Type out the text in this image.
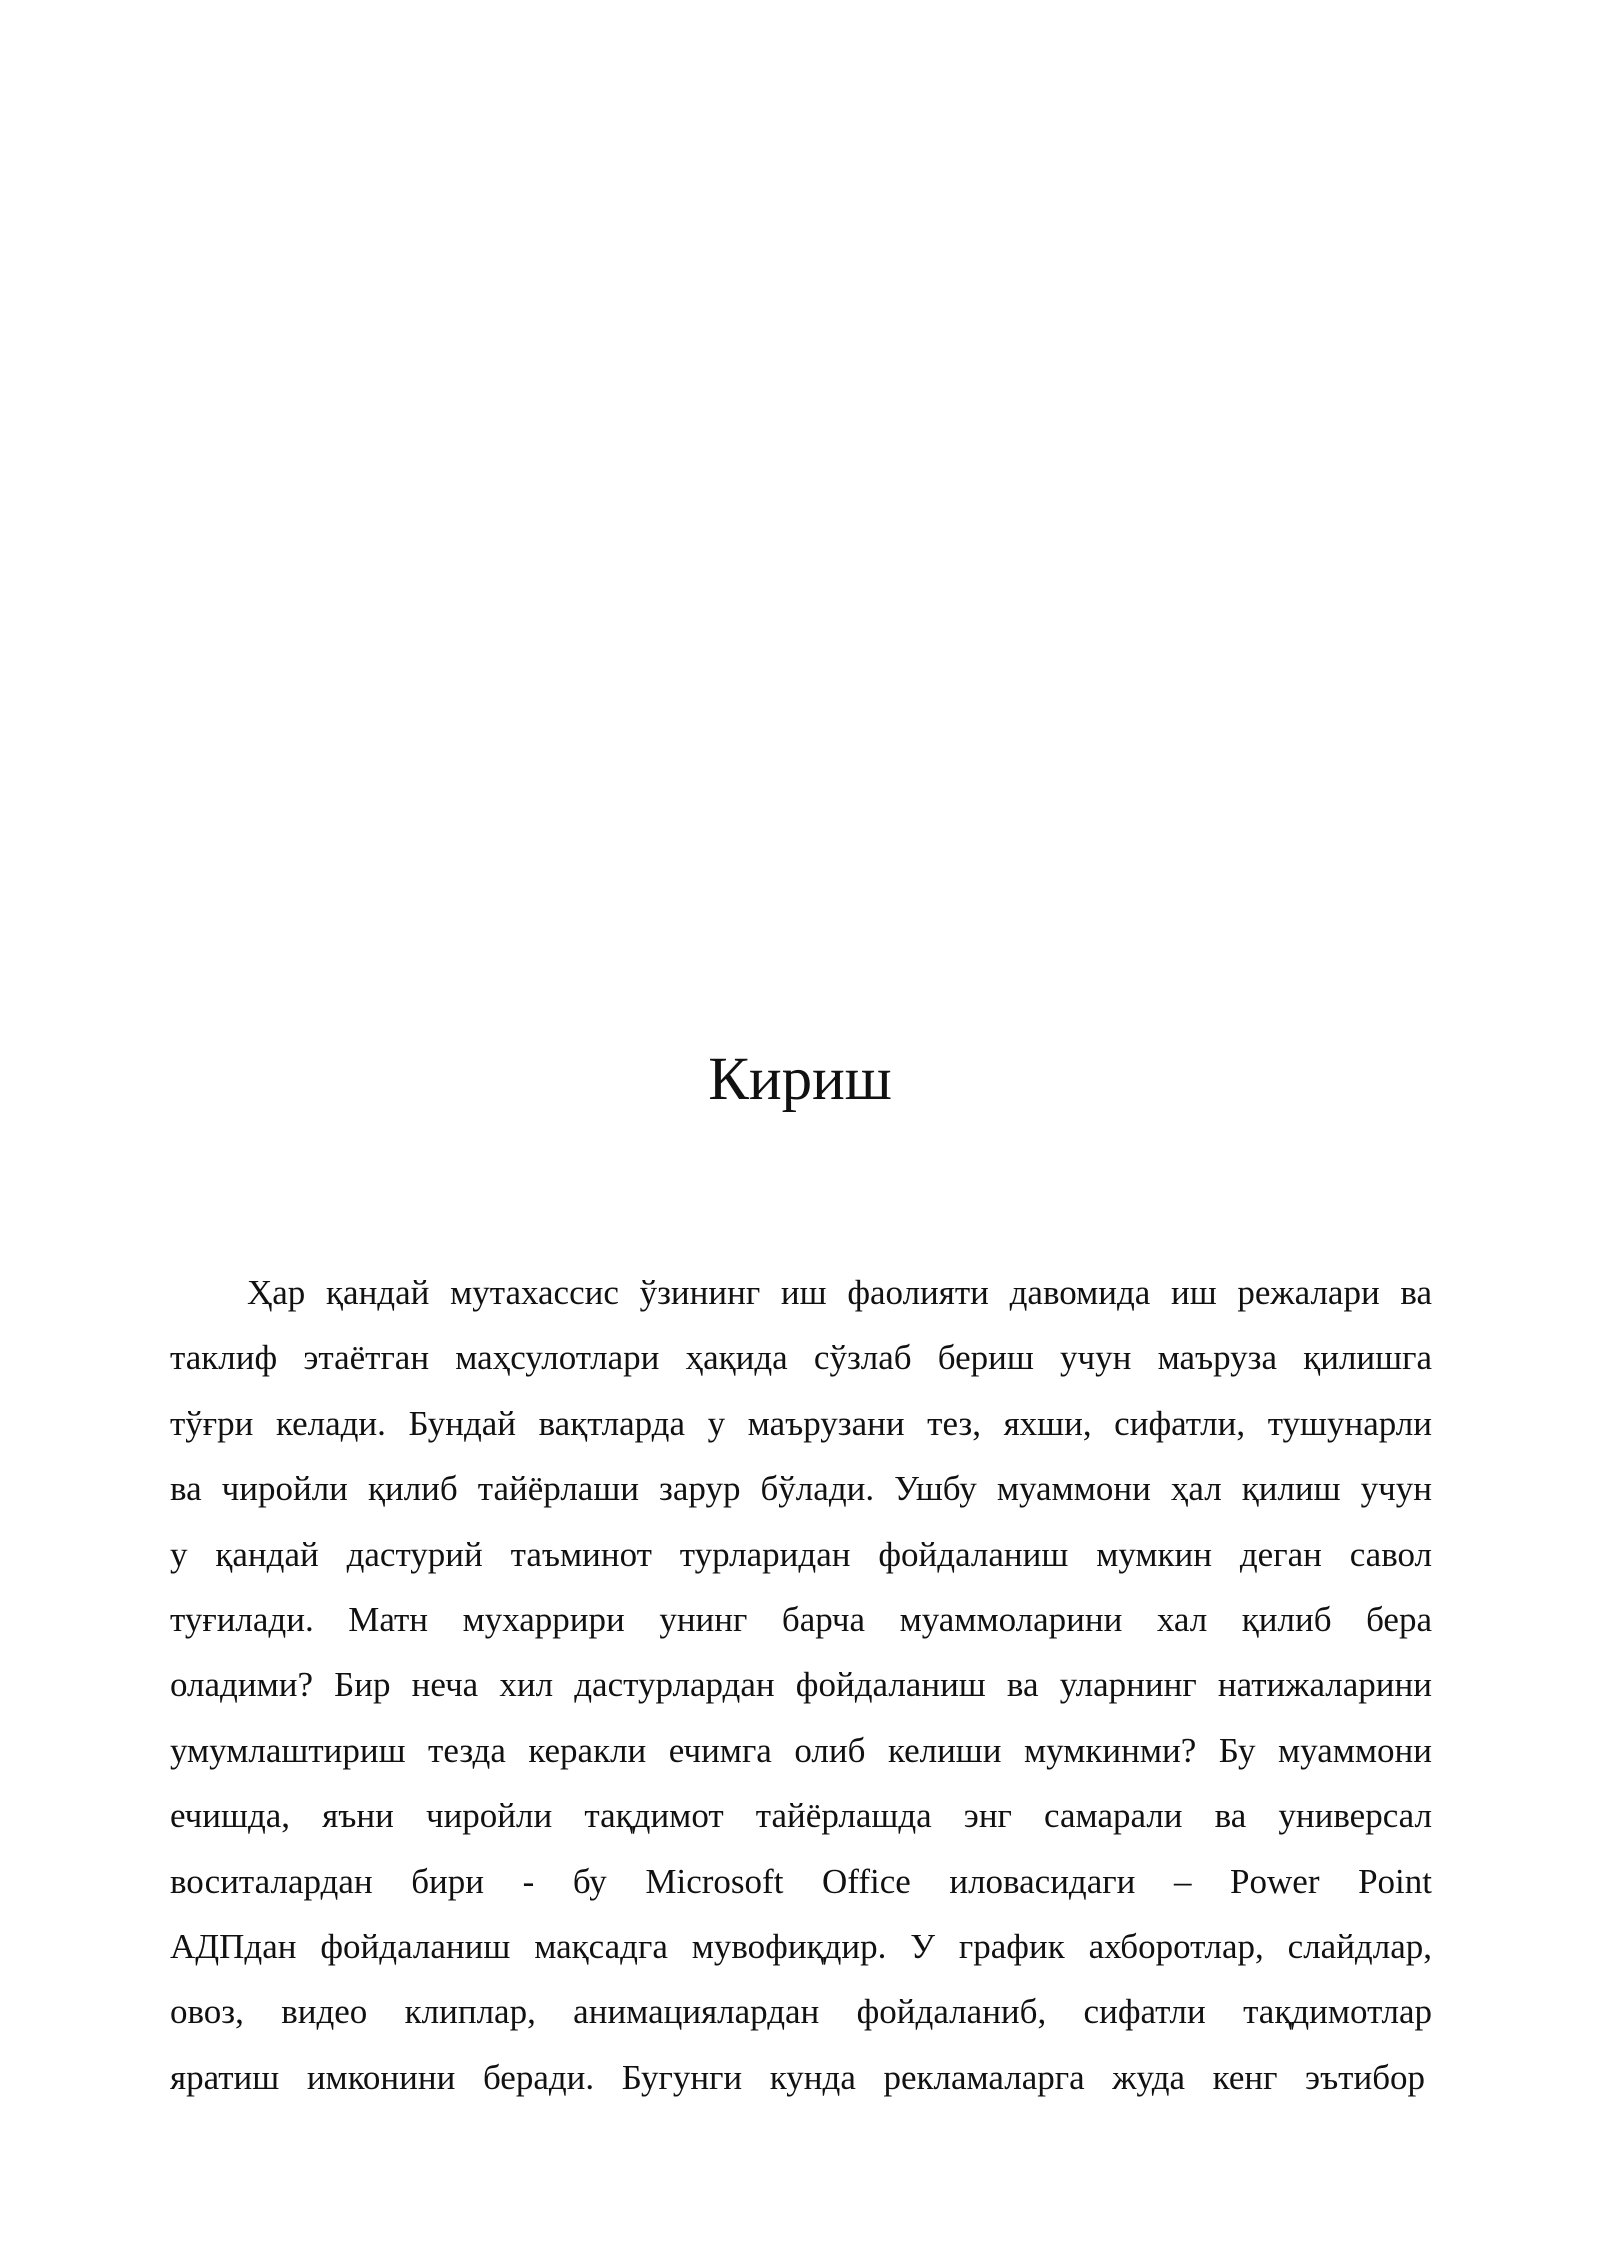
Кириш
Ҳар қандай мутахассис ўзининг иш фаолияти давомида иш режалари ва
таклиф этаётган маҳсулотлари ҳақида сўзлаб бериш учун маъруза қилишга
тўғри келади. Бундай вақтларда у маърузани тез, яхши, сифатли, тушунарли
ва чиройли қилиб тайёрлаши зарур бўлади. Ушбу муаммони ҳал қилиш учун
у қандай дастурий таъминот турларидан фойдаланиш мумкин деган савол
туғилади. Матн мухаррири унинг барча муаммоларини хал қилиб бера
оладими? Бир неча хил дастурлардан фойдаланиш ва уларнинг натижаларини
умумлаштириш тезда керакли ечимга олиб келиши мумкинми? Бу муаммони
ечишда, яъни чиройли тақдимот тайёрлашда энг самарали ва универсал
воситалардан бири - бу Microsoft Office иловасидаги – Power Point
АДПдан фойдаланиш мақсадга мувофиқдир. У график ахборотлар, слайдлар,
овоз, видео клиплар, анимациялардан фойдаланиб, сифатли тақдимотлар
яратиш имконини беради. Бугунги кунда рекламаларга жуда кенг эътибор
